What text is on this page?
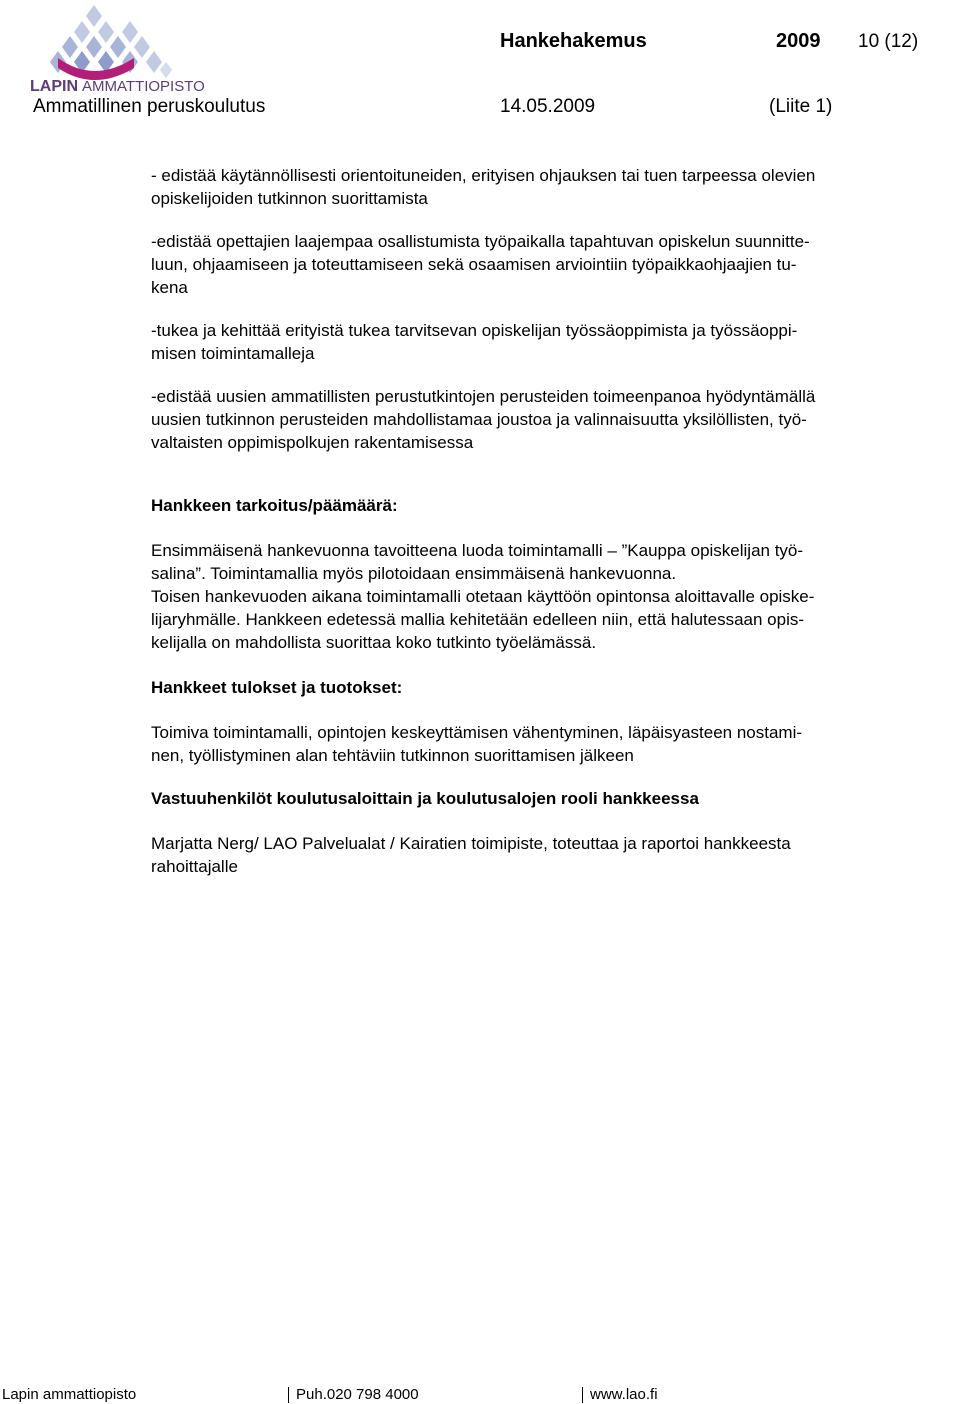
LAPIN AMMATTIOPISTO
Hankehakemus	2009 10 (12)
Ammatillinen peruskoulutus	14.05.2009	(Liite 1)

- edistää käytännöllisesti orientoituneiden, erityisen ohjauksen tai tuen tarpeessa olevien
opiskelijoiden tutkinnon suorittamista

-edistää opettajien laajempaa osallistumista työpaikalla tapahtuvan opiskelun suunnitte-
luun, ohjaamiseen ja toteuttamiseen sekä osaamisen arviointiin työpaikkaohjaajien tu-
kena

-tukea ja kehittää erityistä tukea tarvitsevan opiskelijan työssäoppimista ja työssäoppi-
misen toimintamalleja

-edistää uusien ammatillisten perustutkintojen perusteiden toimeenpanoa hyödyntämällä
uusien tutkinnon perusteiden mahdollistamaa joustoa ja valinnaisuutta yksilöllisten, työ-
valtaisten oppimispolkujen rakentamisessa

Hankkeen tarkoitus/päämäärä:

Ensimmäisenä hankevuonna tavoitteena luoda toimintamalli – ”Kauppa opiskelijan työ-
salina”. Toimintamallia myös pilotoidaan ensimmäisenä hankevuonna.
Toisen hankevuoden aikana toimintamalli otetaan käyttöön opintonsa aloittavalle opiske-
lijaryhmälle. Hankkeen edetessä mallia kehitetään edelleen niin, että halutessaan opis-
kelijalla on mahdollista suorittaa koko tutkinto työelämässä.

Hankkeet tulokset ja tuotokset:

Toimiva toimintamalli, opintojen keskeyttämisen vähentyminen, läpäisyasteen nostami-
nen, työllistyminen alan tehtäviin tutkinnon suorittamisen jälkeen

Vastuuhenkilöt koulutusaloittain ja koulutusalojen rooli hankkeessa

Marjatta Nerg/ LAO Palvelualat / Kairatien toimipiste, toteuttaa ja raportoi hankkeesta
rahoittajalle

Lapin ammattiopisto	Puh.020 798 4000	www.lao.fi
